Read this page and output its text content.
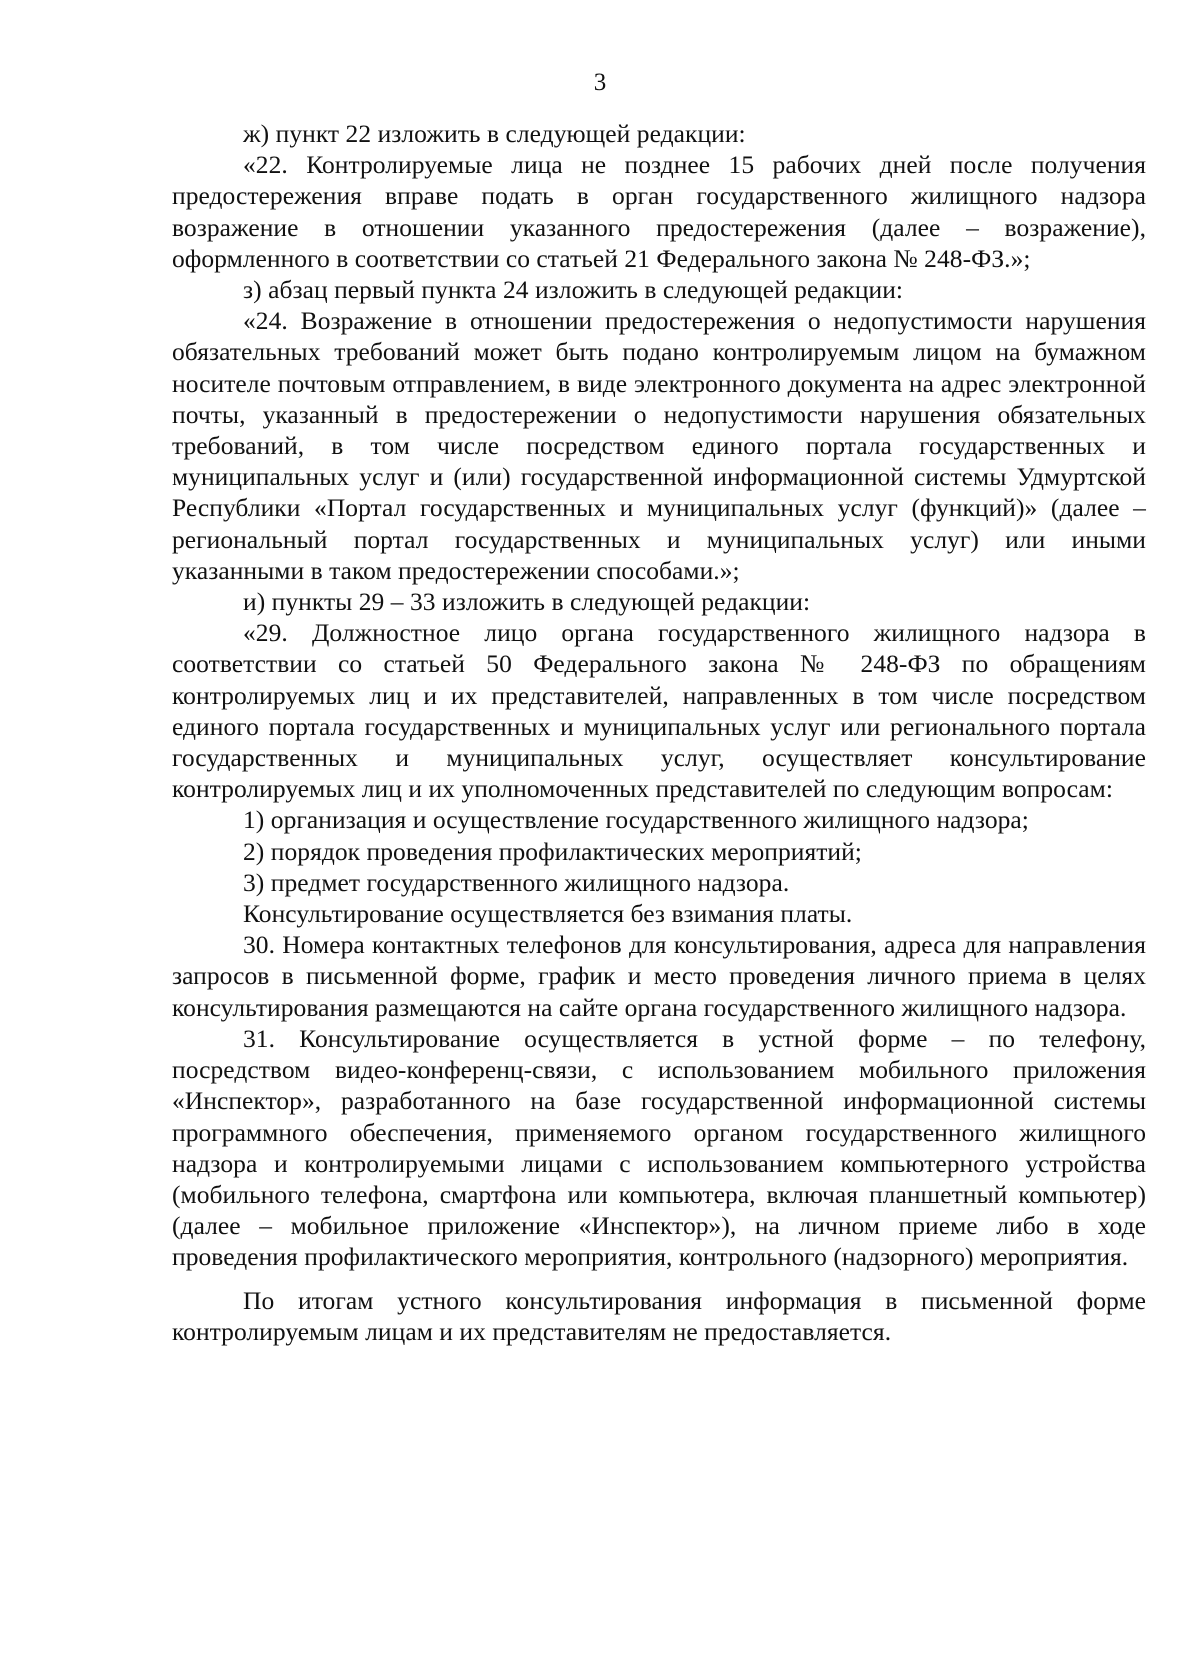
3

ж) пункт 22 изложить в следующей редакции:

«22. Контролируемые лица не позднее 15 рабочих дней после получения предостережения вправе подать в орган государственного жилищного надзора возражение в отношении указанного предостережения (далее – возражение), оформленного в соответствии со статьей 21 Федерального закона № 248-ФЗ.»;

з) абзац первый пункта 24 изложить в следующей редакции:

«24. Возражение в отношении предостережения о недопустимости нарушения обязательных требований может быть подано контролируемым лицом на бумажном носителе почтовым отправлением, в виде электронного документа на адрес электронной почты, указанный в предостережении о недопустимости нарушения обязательных требований, в том числе посредством единого портала государственных и муниципальных услуг и (или) государственной информационной системы Удмуртской Республики «Портал государственных и муниципальных услуг (функций)» (далее – региональный портал государственных и муниципальных услуг) или иными указанными в таком предостережении способами.»;

и) пункты 29 – 33 изложить в следующей редакции:

«29. Должностное лицо органа государственного жилищного надзора в соответствии со статьей 50 Федерального закона № 248-ФЗ по обращениям контролируемых лиц и их представителей, направленных в том числе посредством единого портала государственных и муниципальных услуг или регионального портала государственных и муниципальных услуг, осуществляет консультирование контролируемых лиц и их уполномоченных представителей по следующим вопросам:

1) организация и осуществление государственного жилищного надзора;

2) порядок проведения профилактических мероприятий;

3) предмет государственного жилищного надзора.

Консультирование осуществляется без взимания платы.

30. Номера контактных телефонов для консультирования, адреса для направления запросов в письменной форме, график и место проведения личного приема в целях консультирования размещаются на сайте органа государственного жилищного надзора.

31. Консультирование осуществляется в устной форме – по телефону, посредством видео-конференц-связи, с использованием мобильного приложения «Инспектор», разработанного на базе государственной информационной системы программного обеспечения, применяемого органом государственного жилищного надзора и контролируемыми лицами с использованием компьютерного устройства (мобильного телефона, смартфона или компьютера, включая планшетный компьютер) (далее – мобильное приложение «Инспектор»), на личном приеме либо в ходе проведения профилактического мероприятия, контрольного (надзорного) мероприятия.

По итогам устного консультирования информация в письменной форме контролируемым лицам и их представителям не предоставляется.
